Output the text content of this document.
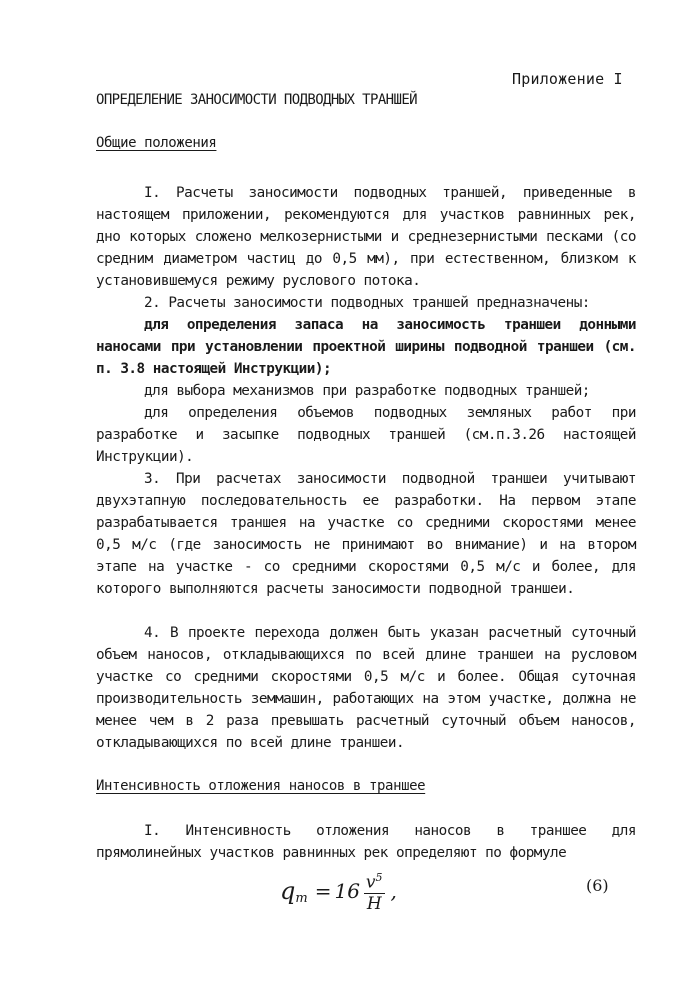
Приложение I
ОПРЕДЕЛЕНИЕ ЗАНОСИМОСТИ ПОДВОДНЫХ ТРАНШЕЙ
Общие положения

I. Расчеты заносимости подводных траншей, приведенные в настоящем приложении, рекомендуются для участков равнинных рек, дно которых сложено мелкозернистыми и среднезернистыми песками (со средним диаметром частиц до 0,5 мм), при естественном, близком к установившемуся режиму руслового потока.

2. Расчеты заносимости подводных траншей предназначены:

для определения запаса на заносимость траншеи донными наносами при установлении проектной ширины подводной траншеи (см. п. 3.8 настоящей Инструкции);

для выбора механизмов при разработке подводных траншей;

для определения объемов подводных земляных работ при разработке и засыпке подводных траншей (см.п.3.26 настоящей Инструкции).

3. При расчетах заносимости подводной траншеи учитывают двухэтапную последовательность ее разработки. На первом этапе разрабатывается траншея на участке со средними скоростями менее 0,5 м/с (где заносимость не принимают во внимание) и на втором этапе на участке - со средними скоростями 0,5 м/с и более, для которого выполняются расчеты заносимости подводной траншеи.

4. В проекте перехода должен быть указан расчетный суточный объем наносов, откладывающихся по всей длине траншеи на русловом участке со средними скоростями 0,5 м/с и более. Общая суточная производительность земмашин, работающих на этом участке, должна не менее чем в 2 раза превышать расчетный суточный объем наносов, откладывающихся по всей длине траншеи.

Интенсивность отложения наносов в траншее

I. Интенсивность отложения наносов в траншее для прямолинейных участков равнинных рек определяют по формуле

q $т = 16 \frac{v^5}{H}$ ,	(6)
